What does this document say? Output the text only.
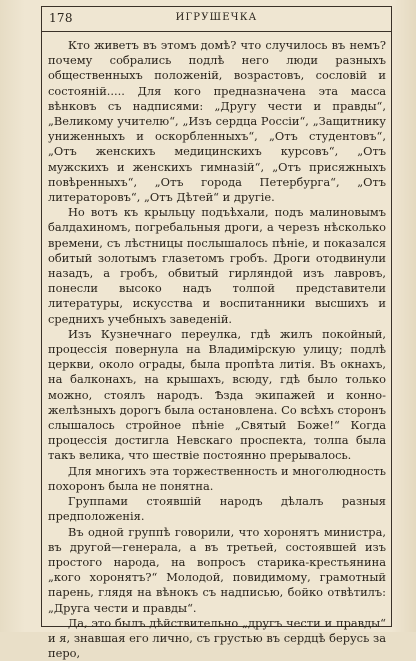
178	ИГРУШЕЧКА

Кто живетъ въ этомъ домѣ? что случилось въ немъ? почему собрались подлѣ него люди разныхъ общественныхъ положеній, возрастовъ, сословій и состояній..... Для кого предназначена эта масса вѣнковъ съ надписями: „Другу чести и правды“, „Великому учителю“, „Изъ сердца Россіи“, „Защитнику униженныхъ и оскорбленныхъ“, „Отъ студентовъ“, „Отъ женскихъ медицинскихъ курсовъ“, „Отъ мужскихъ и женскихъ гимназій“, „Отъ присяжныхъ повѣренныхъ“, „Отъ города Петербурга“, „Отъ литераторовъ“, „Отъ Дѣтей“ и другіе.

Но вотъ къ крыльцу подъѣхали, подъ малиновымъ балдахиномъ, погребальныя дроги, а черезъ нѣсколько времени, съ лѣстницы послышалось пѣніе, и показался обитый золотымъ глазетомъ гробъ. Дроги отодвинули назадъ, а гробъ, обвитый гирляндой изъ лавровъ, понесли высоко надъ толпой представители литературы, искусства и воспитанники высшихъ и среднихъ учебныхъ заведеній.

Изъ Кузнечнаго переулка, гдѣ жилъ покойный, процессія повернула на Владимірскую улицу; подлѣ церкви, около ограды, была пропѣта литія. Въ окнахъ, на балконахъ, на крышахъ, всюду, гдѣ было только можно, стоялъ народъ. Ѣзда экипажей и конно-желѣзныхъ дорогъ была остановлена. Со всѣхъ сторонъ слышалось стройное пѣніе „Святый Боже!“ Когда процессія достигла Невскаго проспекта, толпа была такъ велика, что шествіе постоянно прерывалось.

Для многихъ эта торжественность и многолюдность похоронъ была не понятна.

Группами стоявшій народъ дѣлалъ разныя предположенія.

Въ одной группѣ говорили, что хоронятъ министра, въ другой—генерала, а въ третьей, состоявшей изъ простого народа, на вопросъ старика-крестьянина „кого хоронятъ?“ Молодой, повидимому, грамотный парень, глядя на вѣнокъ съ надписью, бойко отвѣтилъ: „Друга чести и правды“.

Да, это былъ дѣйствительно „другъ чести и правды“ и я, знавшая его лично, съ грустью въ сердцѣ берусь за перо,
